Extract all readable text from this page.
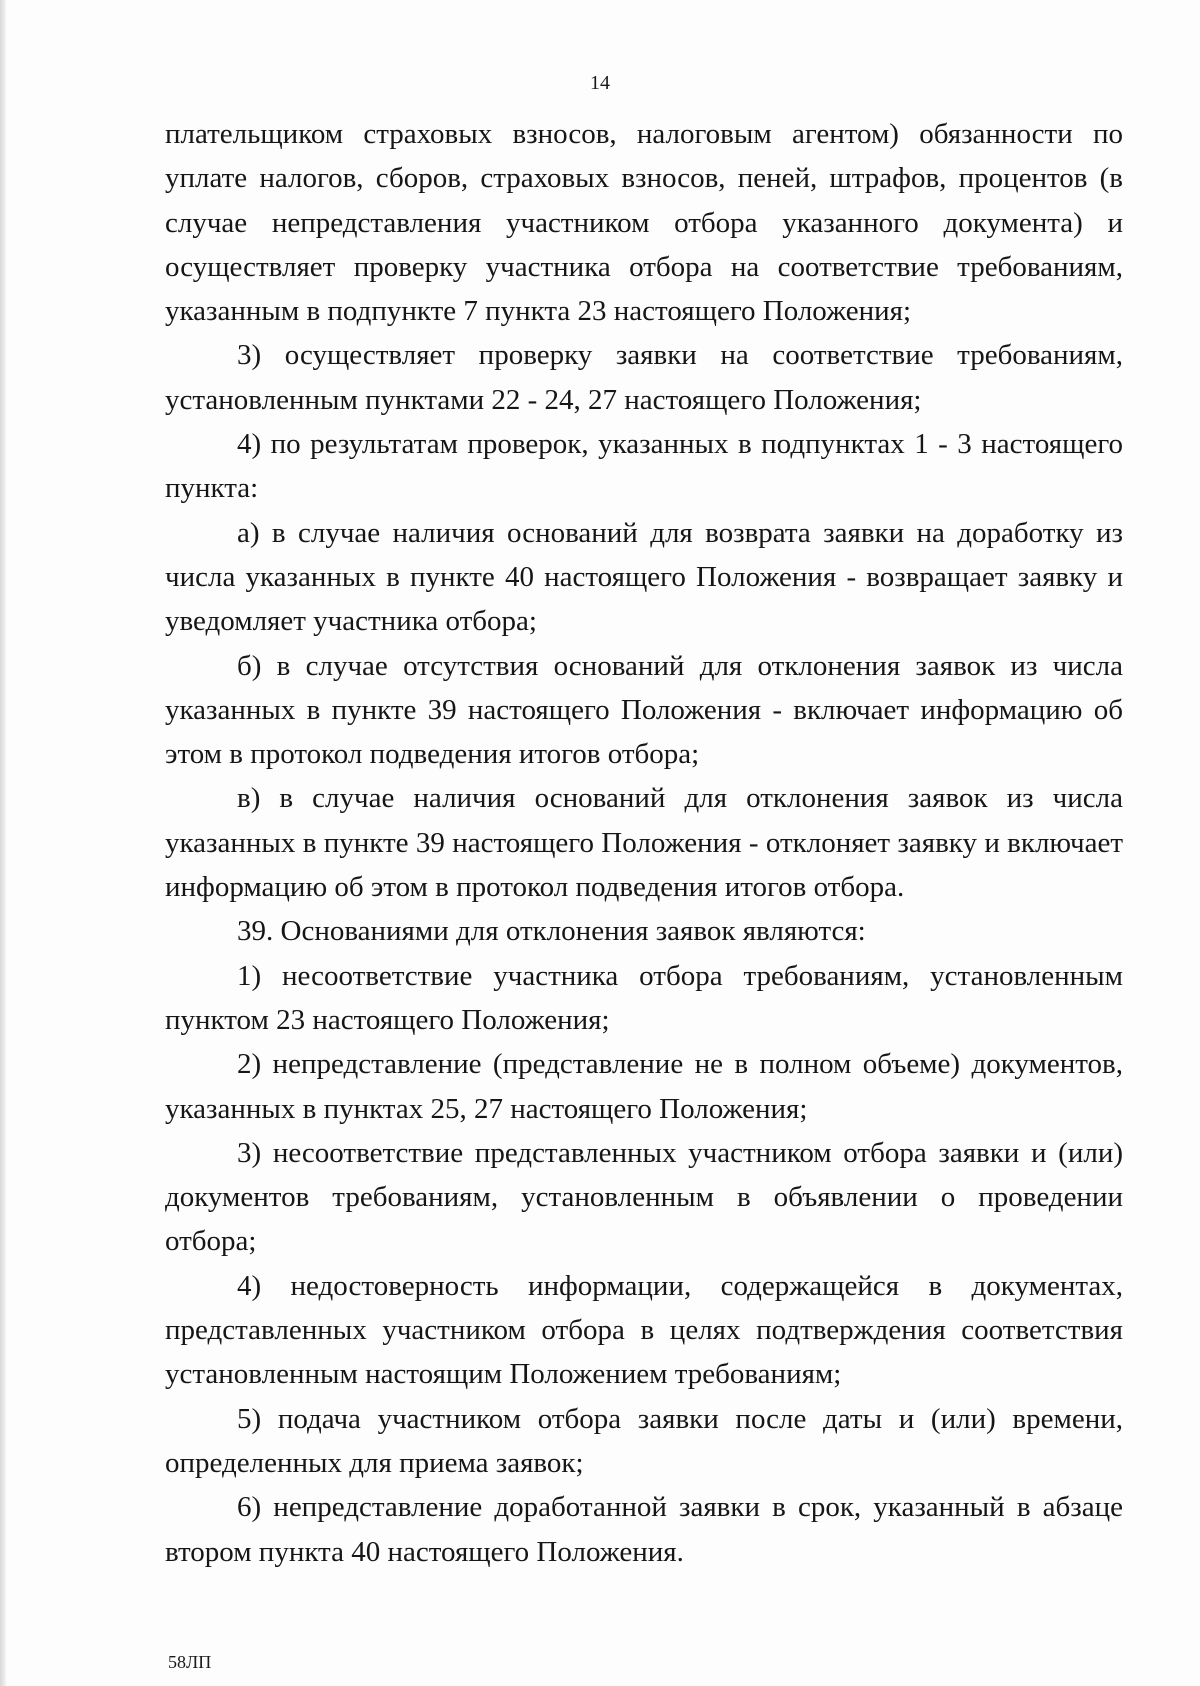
14

плательщиком страховых взносов, налоговым агентом) обязанности по уплате налогов, сборов, страховых взносов, пеней, штрафов, процентов (в случае непредставления участником отбора указанного документа) и осуществляет проверку участника отбора на соответствие требованиям, указанным в подпункте 7 пункта 23 настоящего Положения;

3) осуществляет проверку заявки на соответствие требованиям, установленным пунктами 22 - 24, 27 настоящего Положения;

4) по результатам проверок, указанных в подпунктах 1 - 3 настоящего пункта:

а) в случае наличия оснований для возврата заявки на доработку из числа указанных в пункте 40 настоящего Положения - возвращает заявку и уведомляет участника отбора;

б) в случае отсутствия оснований для отклонения заявок из числа указанных в пункте 39 настоящего Положения - включает информацию об этом в протокол подведения итогов отбора;

в) в случае наличия оснований для отклонения заявок из числа указанных в пункте 39 настоящего Положения - отклоняет заявку и включает информацию об этом в протокол подведения итогов отбора.

39. Основаниями для отклонения заявок являются:

1) несоответствие участника отбора требованиям, установленным пунктом 23 настоящего Положения;

2) непредставление (представление не в полном объеме) документов, указанных в пунктах 25, 27 настоящего Положения;

3) несоответствие представленных участником отбора заявки и (или) документов требованиям, установленным в объявлении о проведении отбора;

4) недостоверность информации, содержащейся в документах, представленных участником отбора в целях подтверждения соответствия установленным настоящим Положением требованиям;

5) подача участником отбора заявки после даты и (или) времени, определенных для приема заявок;

6) непредставление доработанной заявки в срок, указанный в абзаце втором пункта 40 настоящего Положения.

58ЛП
